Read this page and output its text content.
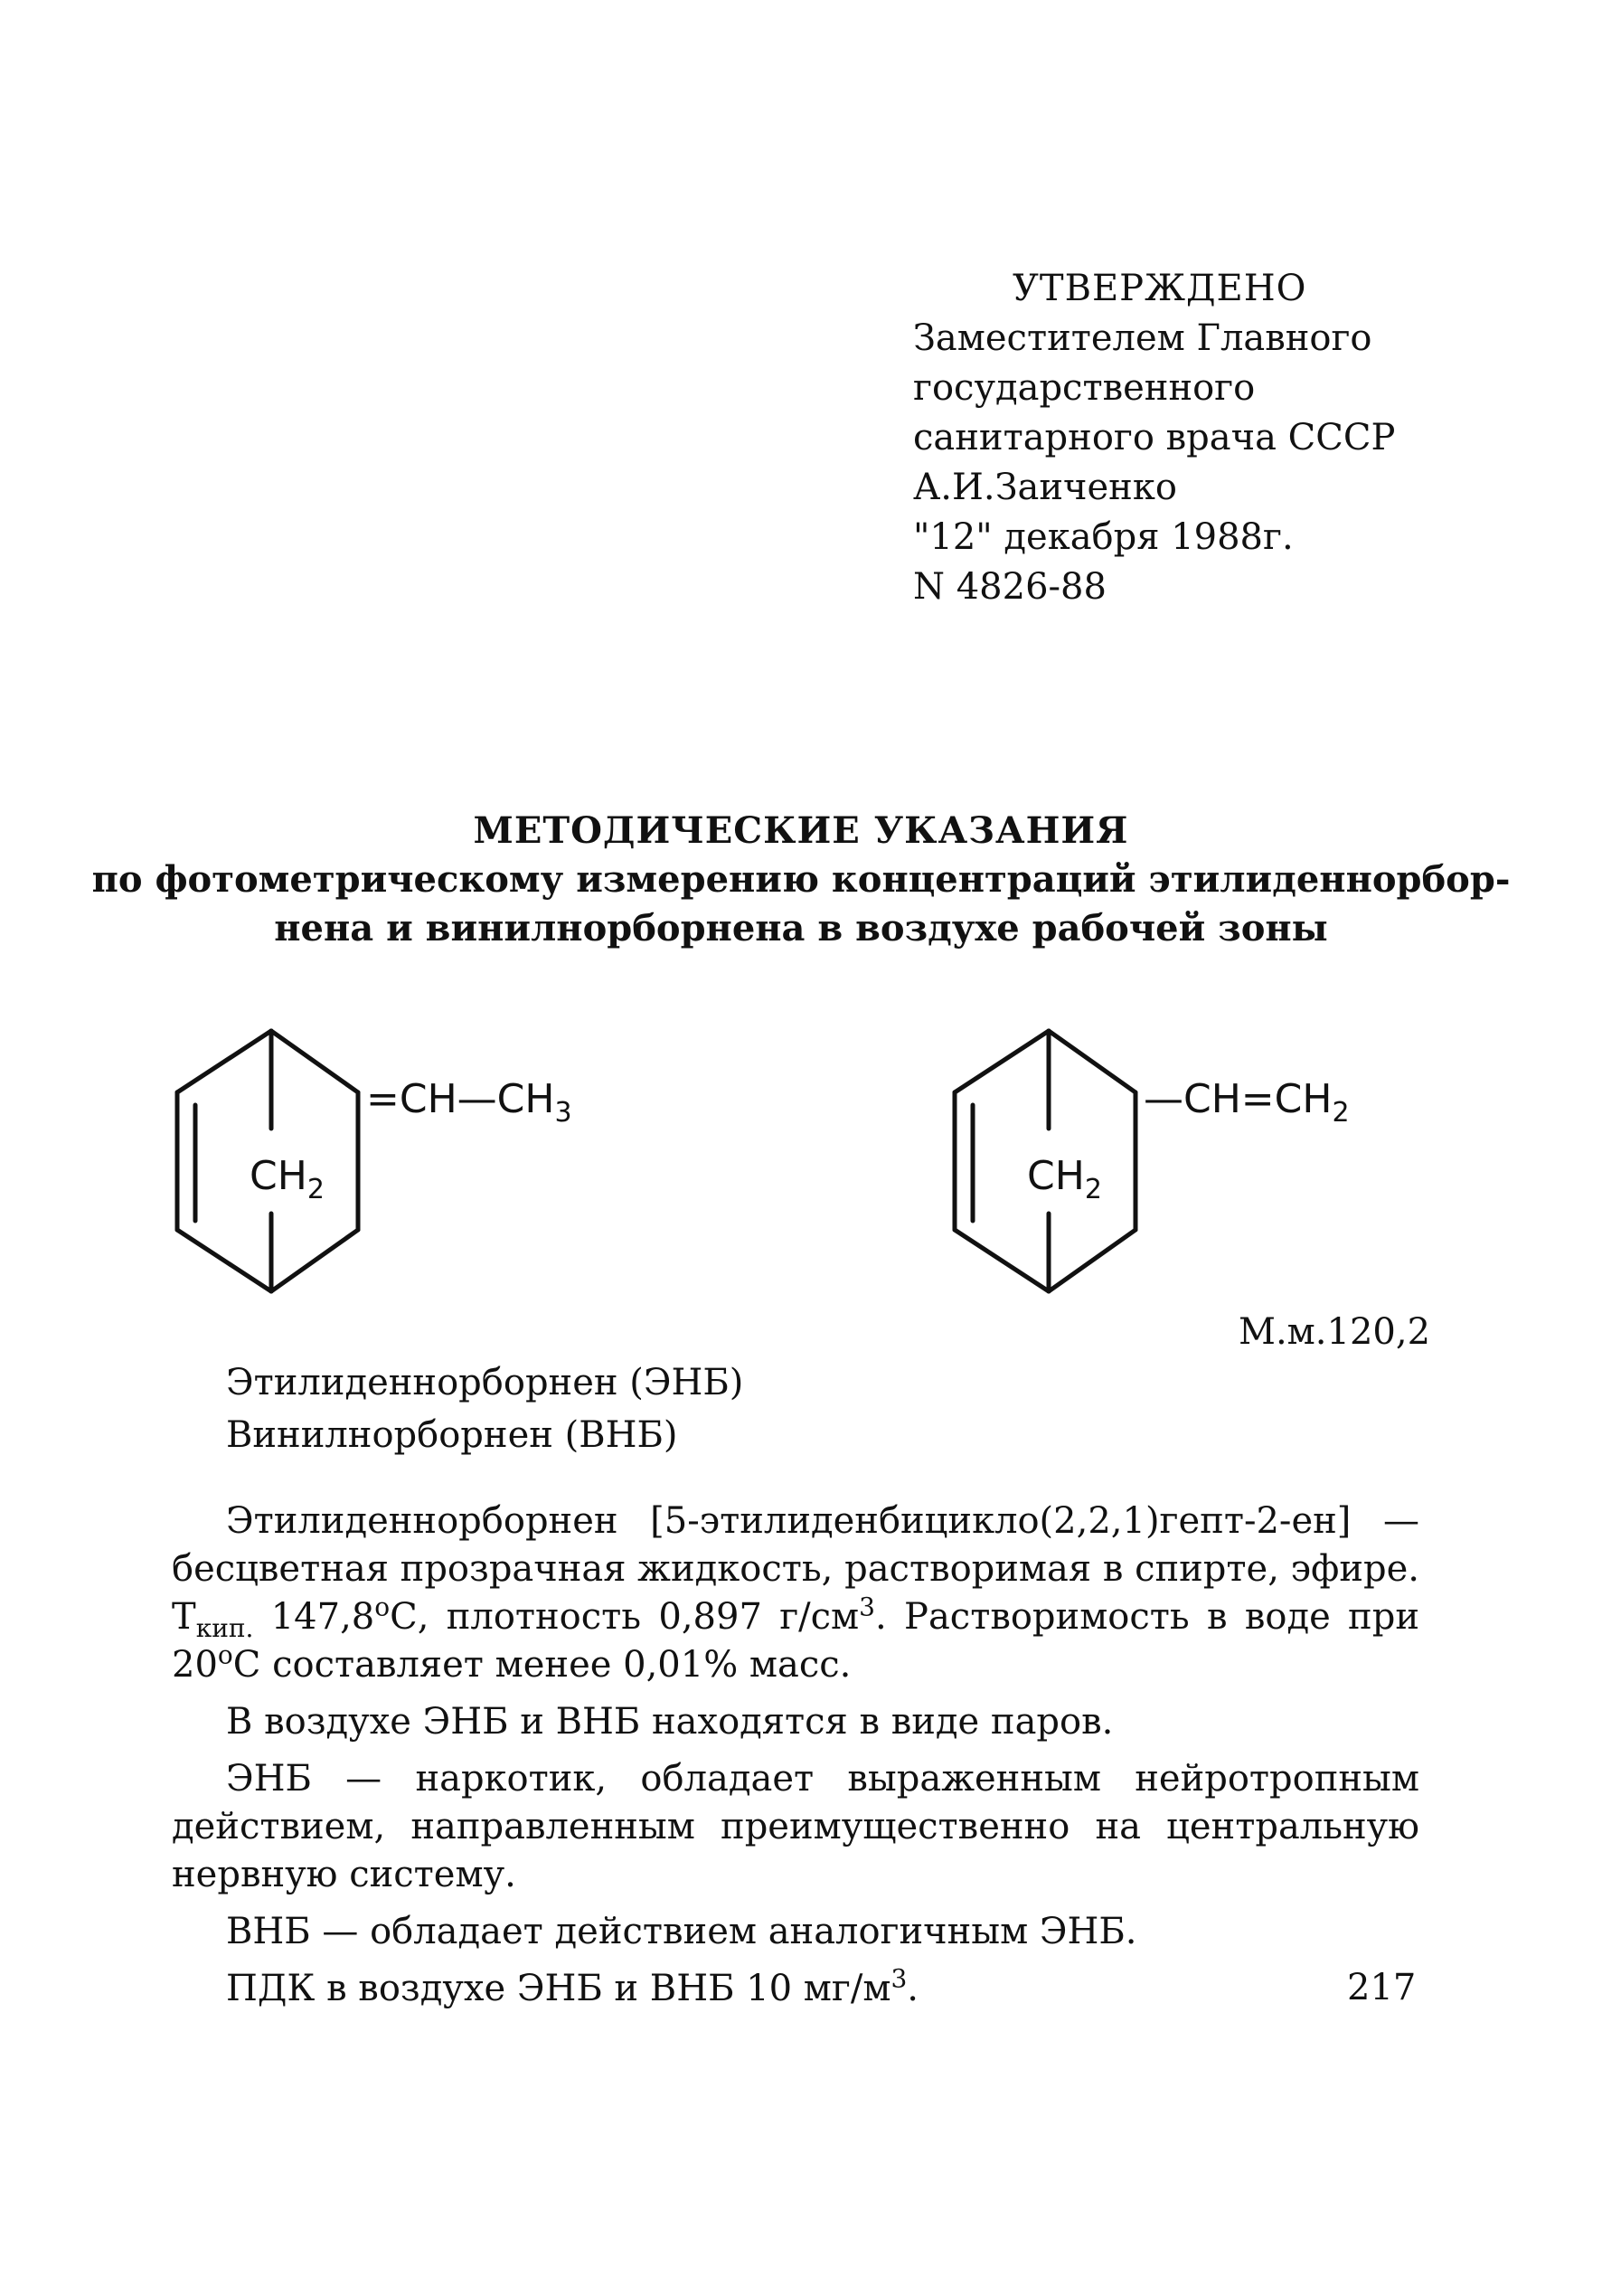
УТВЕРЖДЕНО
Заместителем Главного
государственного
санитарного врача СССР
А.И.Заиченко
"12" декабря 1988г.
N 4826-88
МЕТОДИЧЕСКИЕ УКАЗАНИЯ
по фотометрическому измерению концентраций этилиденнорбор-
нена и винилнорборнена в воздухе рабочей зоны
$CH_2$
$=CH—CH_3$
$CH_2$
$—CH=CH_2$
М.м.120,2
Этилиденнорборнен (ЭНБ)
Винилнорборнен (ВНБ)

Этилиденнорборнен [5-этилиденбицикло(2,2,1)гепт-2-ен] — бесцветная прозрачная жидкость, растворимая в спирте, эфире. $T_{кип.}$ $147,8^оС$, плотность 0,897 $г/см^3$. Растворимость в воде при $20^оС$ составляет менее 0,01% масс.

В воздухе ЭНБ и ВНБ находятся в виде паров.

ЭНБ — наркотик, обладает выраженным нейротропным действием, направленным преимущественно на центральную нервную систему.

ВНБ — обладает действием аналогичным ЭНБ.

ПДК в воздухе ЭНБ и ВНБ 10 $мг/м^3$.	217
